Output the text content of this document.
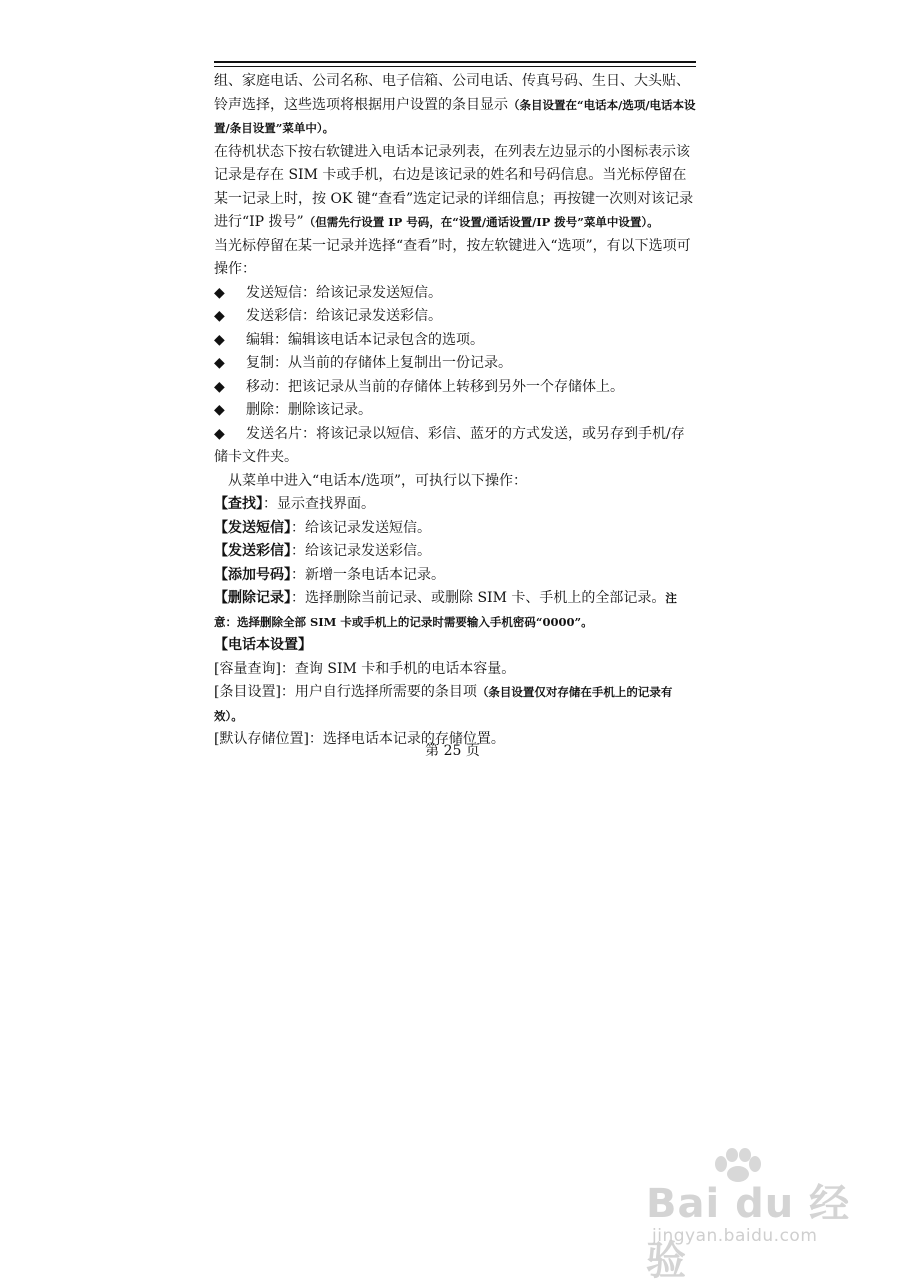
组、家庭电话、公司名称、电子信箱、公司电话、传真号码、生日、大头贴、铃声选择，这些选项将根据用户设置的条目显示（条目设置在“电话本/选项/电话本设置/条目设置”菜单中）。

在待机状态下按右软键进入电话本记录列表，在列表左边显示的小图标表示该记录是存在 SIM 卡或手机，右边是该记录的姓名和号码信息。当光标停留在某一记录上时，按 OK 键“查看”选定记录的详细信息；再按键一次则对该记录进行“IP 拨号”（但需先行设置 IP 号码，在“设置/通话设置/IP 拨号”菜单中设置）。

当光标停留在某一记录并选择“查看”时，按左软键进入“选项”，有以下选项可操作：

◆	发送短信：给该记录发送短信。
◆	发送彩信：给该记录发送彩信。
◆	编辑：编辑该电话本记录包含的选项。
◆	复制：从当前的存储体上复制出一份记录。
◆	移动：把该记录从当前的存储体上转移到另外一个存储体上。
◆	删除：删除该记录。
◆ 发送名片：将该记录以短信、彩信、蓝牙的方式发送，或另存到手机/存储卡文件夹。

从菜单中进入“电话本/选项”，可执行以下操作：

【查找】：显示查找界面。

【发送短信】：给该记录发送短信。

【发送彩信】：给该记录发送彩信。

【添加号码】：新增一条电话本记录。

【删除记录】：选择删除当前记录、或删除 SIM 卡、手机上的全部记录。注意：选择删除全部 SIM 卡或手机上的记录时需要输入手机密码“0000”。

【电话本设置】

[容量查询]：查询 SIM 卡和手机的电话本容量。

[条目设置]：用户自行选择所需要的条目项（条目设置仅对存储在手机上的记录有效）。

[默认存储位置]：选择电话本记录的存储位置。

第 25 页
Bai du 经验
jingyan.baidu.com
